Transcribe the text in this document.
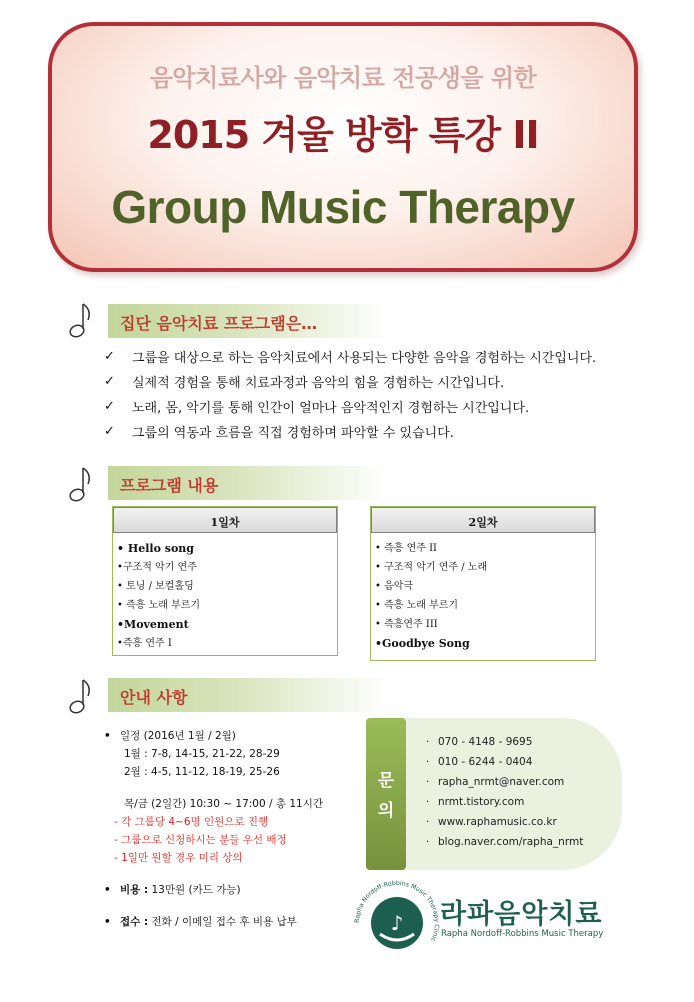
음악치료사와 음악치료 전공생을 위한
2015 겨울 방학 특강 II
Group Music Therapy
집단 음악치료 프로그램은…
✓	그룹을 대상으로 하는 음악치료에서 사용되는 다양한 음악을 경험하는 시간입니다.
✓	실제적 경험을 통해 치료과정과 음악의 힘을 경험하는 시간입니다.
✓	노래, 몸, 악기를 통해 인간이 얼마나 음악적인지 경험하는 시간입니다.
✓	그룹의 역동과 흐름을 직접 경험하며 파악할 수 있습니다.
프로그램 내용
1일차
• Hello song
•구조적 악기 연주
• 토닝 / 보컬홀딩
• 즉흥 노래 부르기
•Movement
•즉흥 연주 I
2일차
• 즉흥 연주 II
• 구조적 악기 연주 / 노래
• 음악극
• 즉흥 노래 부르기
• 즉흥연주 III
•Goodbye Song
안내 사항
• 일정 (2016년 1월 / 2월)
1월 : 7-8, 14-15, 21-22, 28-29
2월 : 4-5, 11-12, 18-19, 25-26
목/금 (2일간) 10:30 ~ 17:00 / 총 11시간
- 각 그룹당 4~6명 인원으로 진행
- 그룹으로 신청하시는 분들 우선 배정
- 1일만 원할 경우 미리 상의
• 비용 : 13만원 (카드 가능)
• 접수 : 전화 / 이메일 접수 후 비용 납부
문
의
· 070 - 4148 - 9695
· 010 - 6244 - 0404
· rapha_nrmt@naver.com
· nrmt.tistory.com
· www.raphamusic.co.kr
· blog.naver.com/rapha_nrmt
Rapha Nordoff-Robbins Music Therapy Clinic
♪ 라파음악치료
Rapha Nordoff-Robbins Music Therapy
